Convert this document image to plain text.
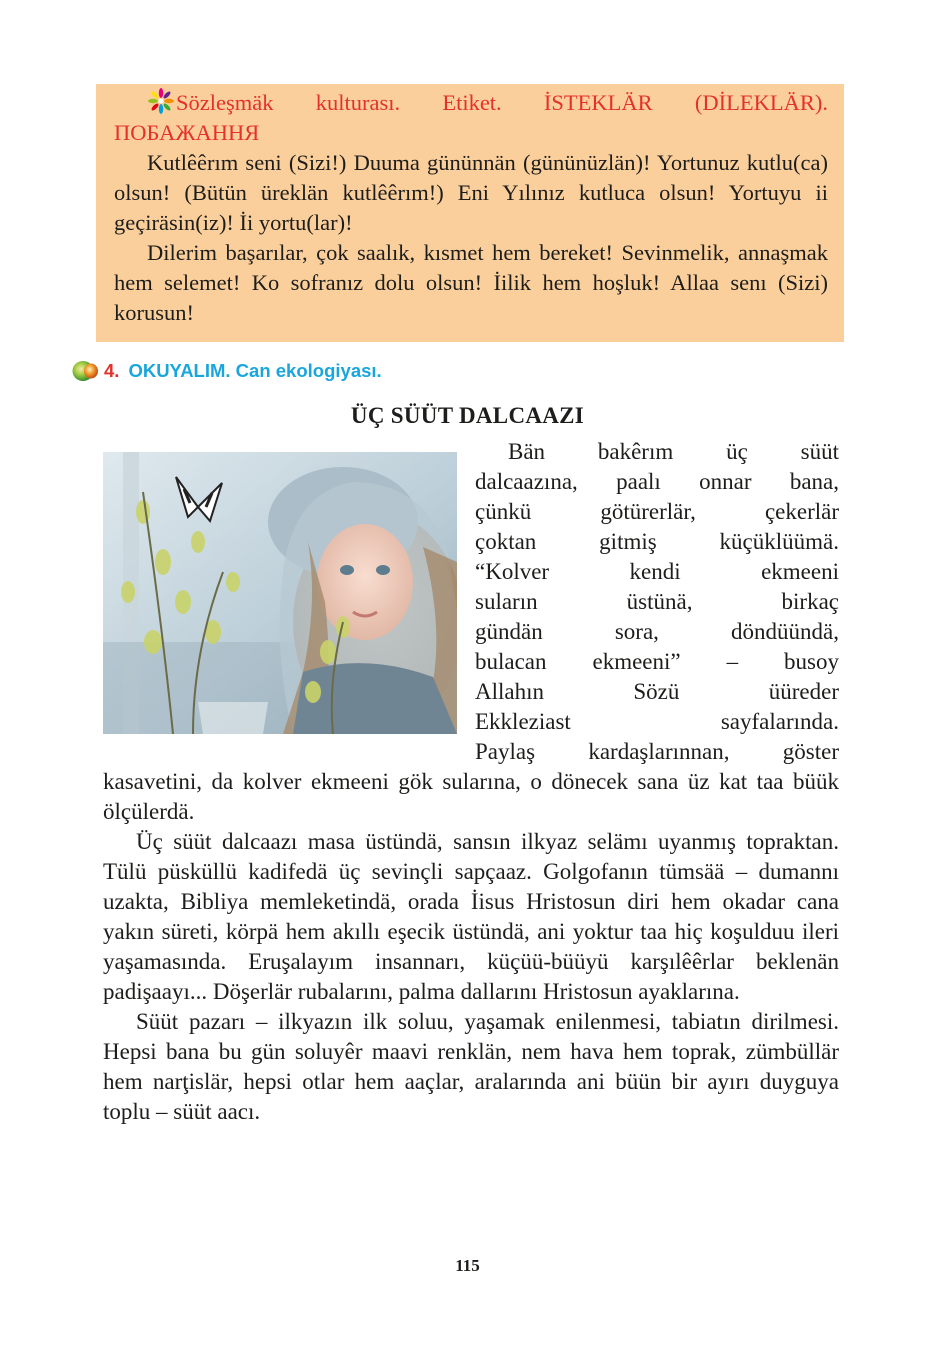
Sözleşmäk kulturası. Etiket. İSTEKLÄR (DİLEKLÄR). ПОБАЖАННЯ

Kutlêêrım seni (Sizi!) Duuma gününnän (gününüzlän)! Yortunuz kutlu(ca) olsun! (Bütün üreklän kutlêêrım!) Eni Yılınız kutluca olsun! Yortuyu ii geçiräsin(iz)! İi yortu(lar)!

Dilerim başarılar, çok saalık, kısmet hem bereket! Sevinmelik, annaşmak hem selemet! Ko sofranız dolu olsun! İilik hem hoşluk! Allaa senı (Sizi) korusun!

4. OKUYALIM. Can ekologiyası.
ÜÇ SÜÜT DALCAAZI

Bän bakêrım üç süüt

dalcaazına, paalı onnar bana,

çünkü götürerlär, çekerlär

çoktan gitmiş küçüklüümä.

“Kolver kendi ekmeeni

suların üstünä, birkaç

gündän sora, döndüündä,

bulacan ekmeeni” – busoy

Allahın Sözü üüreder

Ekkleziast sayfalarında.

Paylaş kardaşlarınnan, göster

kasavetini, da kolver ekmeeni gök sularına, o dönecek sana üz kat taa büük ölçülerdä.

Üç süüt dalcaazı masa üstündä, sansın ilkyaz selämı uyanmış topraktan. Tülü püsküllü kadifedä üç sevinçli sapçaaz. Golgofanın tümsää – dumannı uzakta, Bibliya memleketindä, orada İisus Hristosun diri hem okadar cana yakın süreti, körpä hem akıllı eşecik üstündä, ani yoktur taa hiç koşulduu ileri yaşamasında. Eruşalayım insannarı, küçüü-büüyü karşılêêrlar beklenän padişaayı... Döşerlär rubalarını, palma dallarını Hristosun ayaklarına.

Süüt pazarı – ilkyazın ilk soluu, yaşamak enilenmesi, tabiatın dirilmesi. Hepsi bana bu gün soluyêr maavi renklän, nem hava hem toprak, zümbüllär hem narţislär, hepsi otlar hem aaçlar, aralarında ani büün bir ayırı duyguya toplu – süüt aacı.

115
